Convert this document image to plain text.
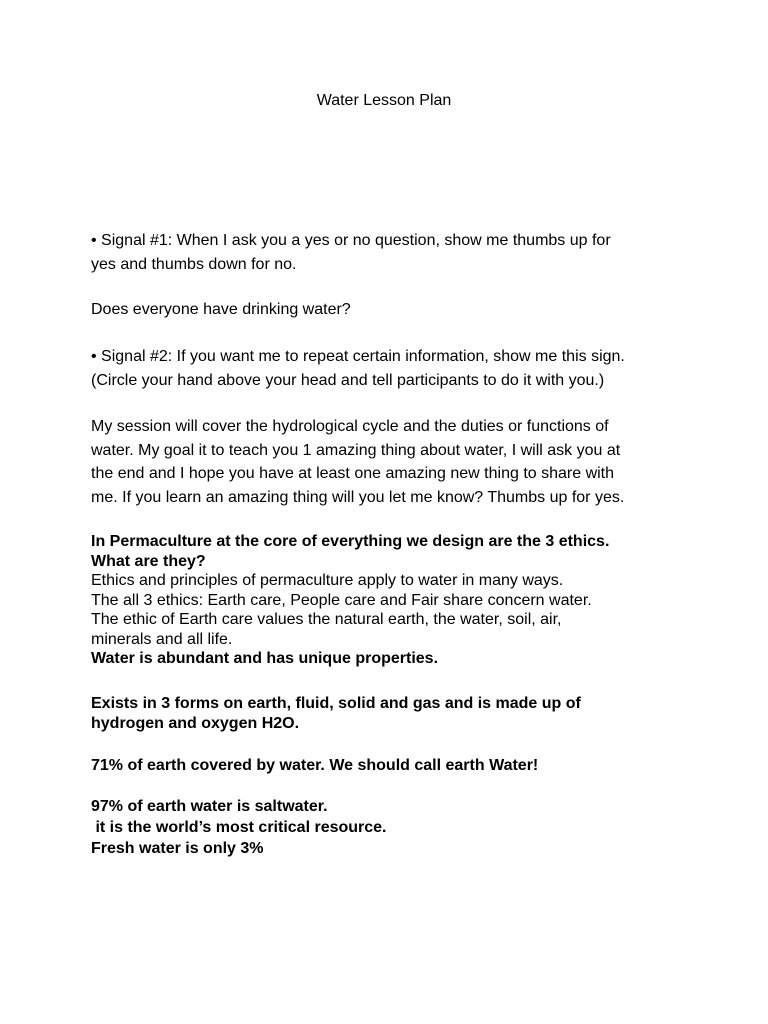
Water Lesson Plan
• Signal #1: When I ask you a yes or no question, show me thumbs up for
yes and thumbs down for no.
Does everyone have drinking water?
• Signal #2: If you want me to repeat certain information, show me this sign.
(Circle your hand above your head and tell participants to do it with you.)
My session will cover the hydrological cycle and the duties or functions of
water. My goal it to teach you 1 amazing thing about water, I will ask you at
the end and I hope you have at least one amazing new thing to share with
me. If you learn an amazing thing will you let me know? Thumbs up for yes.
In Permaculture at the core of everything we design are the 3 ethics.
What are they?
Ethics and principles of permaculture apply to water in many ways.
The all 3 ethics: Earth care, People care and Fair share concern water.
The ethic of Earth care values the natural earth, the water, soil, air,
minerals and all life.
Water is abundant and has unique properties.
Exists in 3 forms on earth, fluid, solid and gas and is made up of
hydrogen and oxygen H2O.
71% of earth covered by water. We should call earth Water!
97% of earth water is saltwater.
it is the world’s most critical resource.
Fresh water is only 3%
